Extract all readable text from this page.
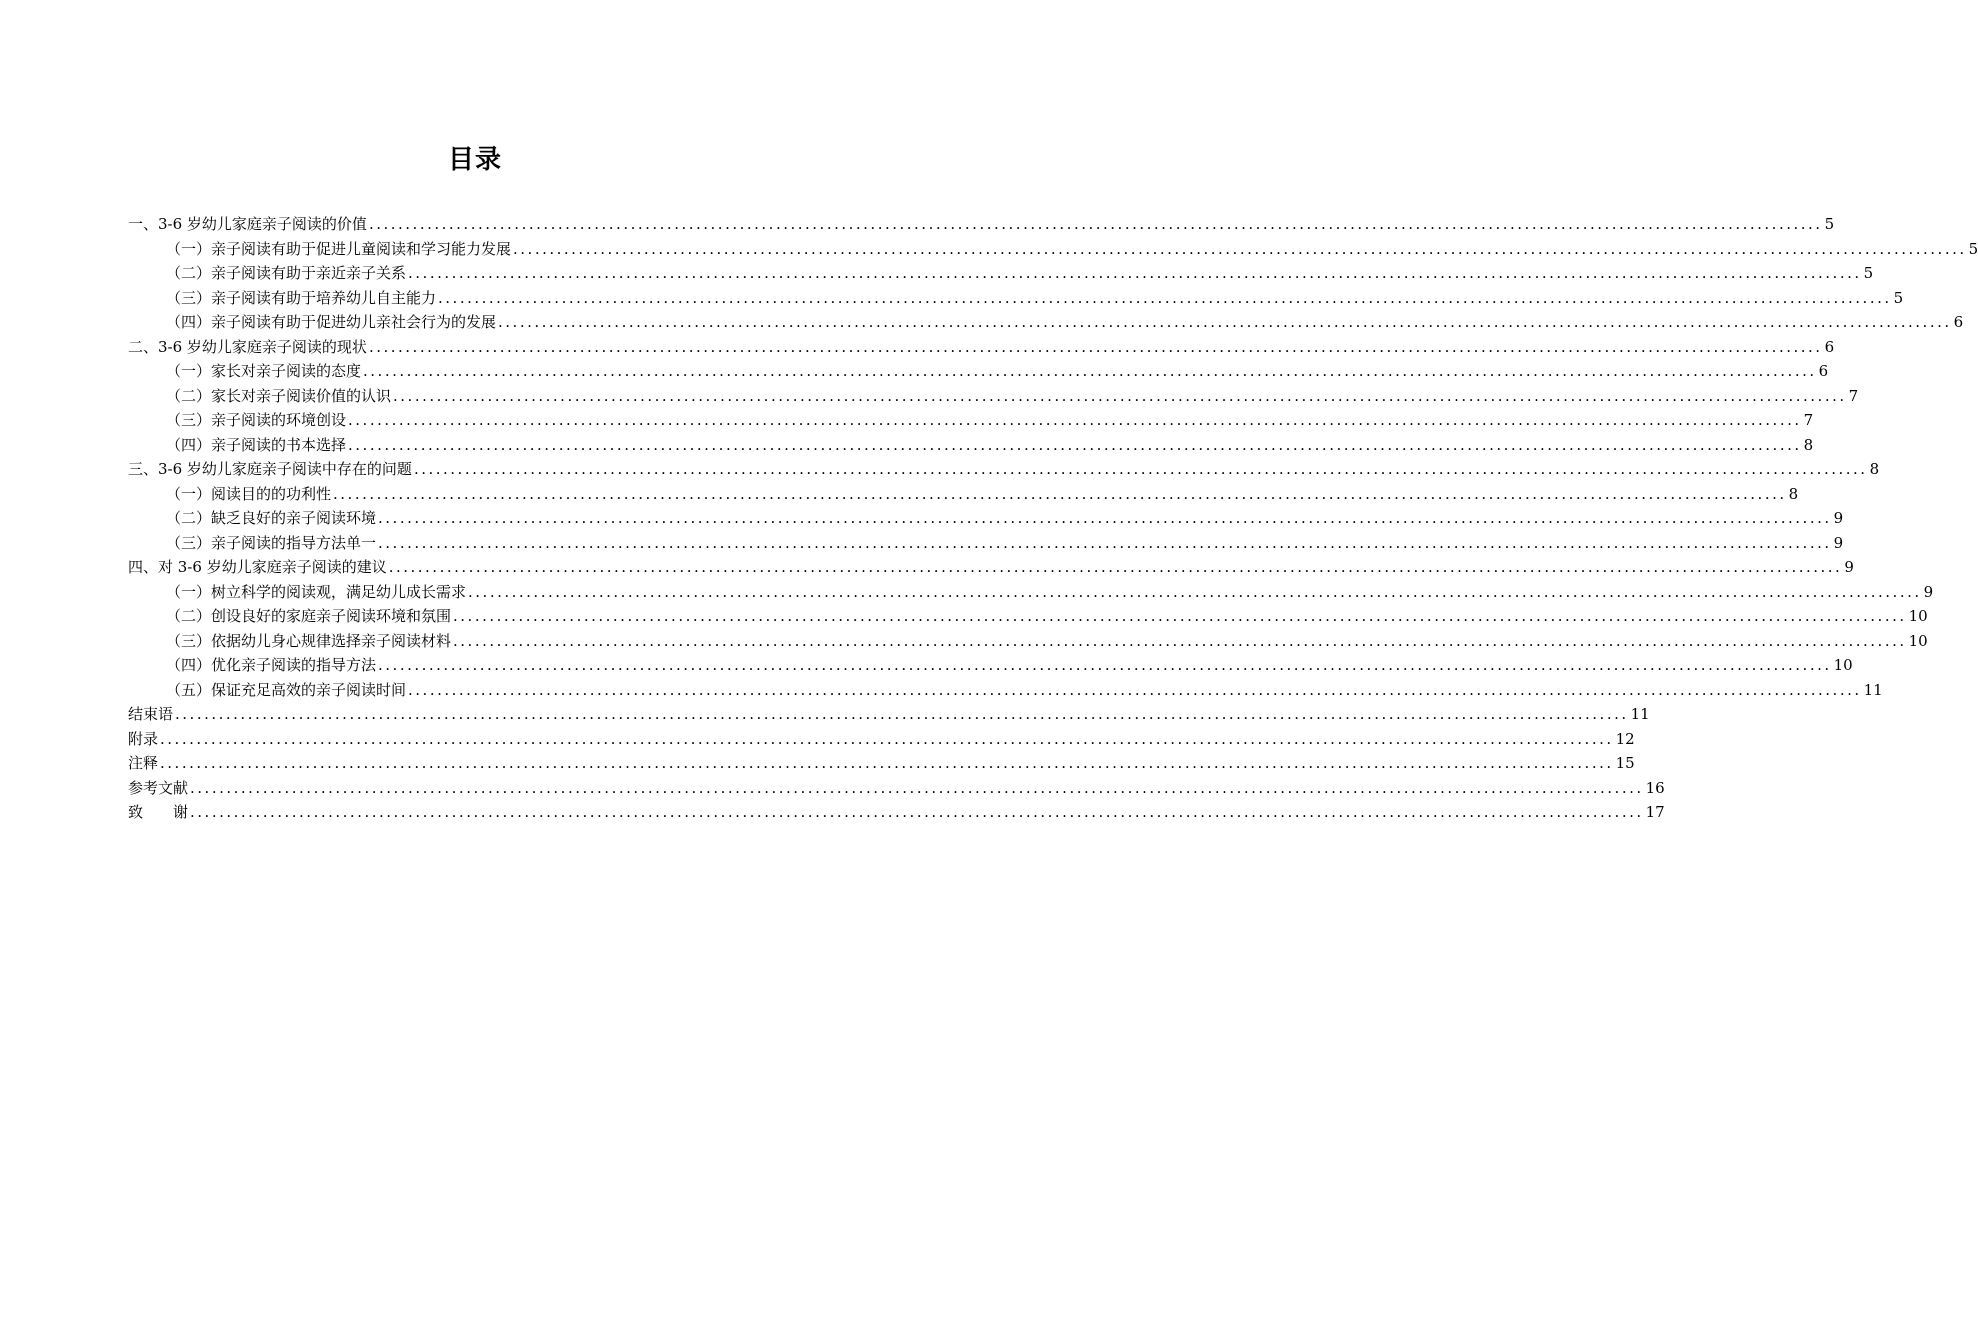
目录
一、3-6 岁幼儿家庭亲子阅读的价值 ........................................................................................................................................................................................................ 5
（一）亲子阅读有助于促进儿童阅读和学习能力发展 ........................................................................................................................................................................................................ 5
（二）亲子阅读有助于亲近亲子关系 ........................................................................................................................................................................................................ 5
（三）亲子阅读有助于培养幼儿自主能力 ........................................................................................................................................................................................................ 5
（四）亲子阅读有助于促进幼儿亲社会行为的发展 ........................................................................................................................................................................................................ 6
二、3-6 岁幼儿家庭亲子阅读的现状 ........................................................................................................................................................................................................ 6
（一）家长对亲子阅读的态度 ........................................................................................................................................................................................................ 6
（二）家长对亲子阅读价值的认识 ........................................................................................................................................................................................................ 7
（三）亲子阅读的环境创设 ........................................................................................................................................................................................................ 7
（四）亲子阅读的书本选择 ........................................................................................................................................................................................................ 8
三、3-6 岁幼儿家庭亲子阅读中存在的问题 ........................................................................................................................................................................................................ 8
（一）阅读目的的功利性 ........................................................................................................................................................................................................ 8
（二）缺乏良好的亲子阅读环境 ........................................................................................................................................................................................................ 9
（三）亲子阅读的指导方法单一 ........................................................................................................................................................................................................ 9
四、对 3-6 岁幼儿家庭亲子阅读的建议 ........................................................................................................................................................................................................ 9
（一）树立科学的阅读观，满足幼儿成长需求 ........................................................................................................................................................................................................ 9
（二）创设良好的家庭亲子阅读环境和氛围 ........................................................................................................................................................................................................ 10
（三）依据幼儿身心规律选择亲子阅读材料 ........................................................................................................................................................................................................ 10
（四）优化亲子阅读的指导方法 ........................................................................................................................................................................................................ 10
（五）保证充足高效的亲子阅读时间 ........................................................................................................................................................................................................ 11
结束语 ........................................................................................................................................................................................................ 11
附录 ........................................................................................................................................................................................................ 12
注释 ........................................................................................................................................................................................................ 15
参考文献 ........................................................................................................................................................................................................ 16
致　　谢 ........................................................................................................................................................................................................ 17
